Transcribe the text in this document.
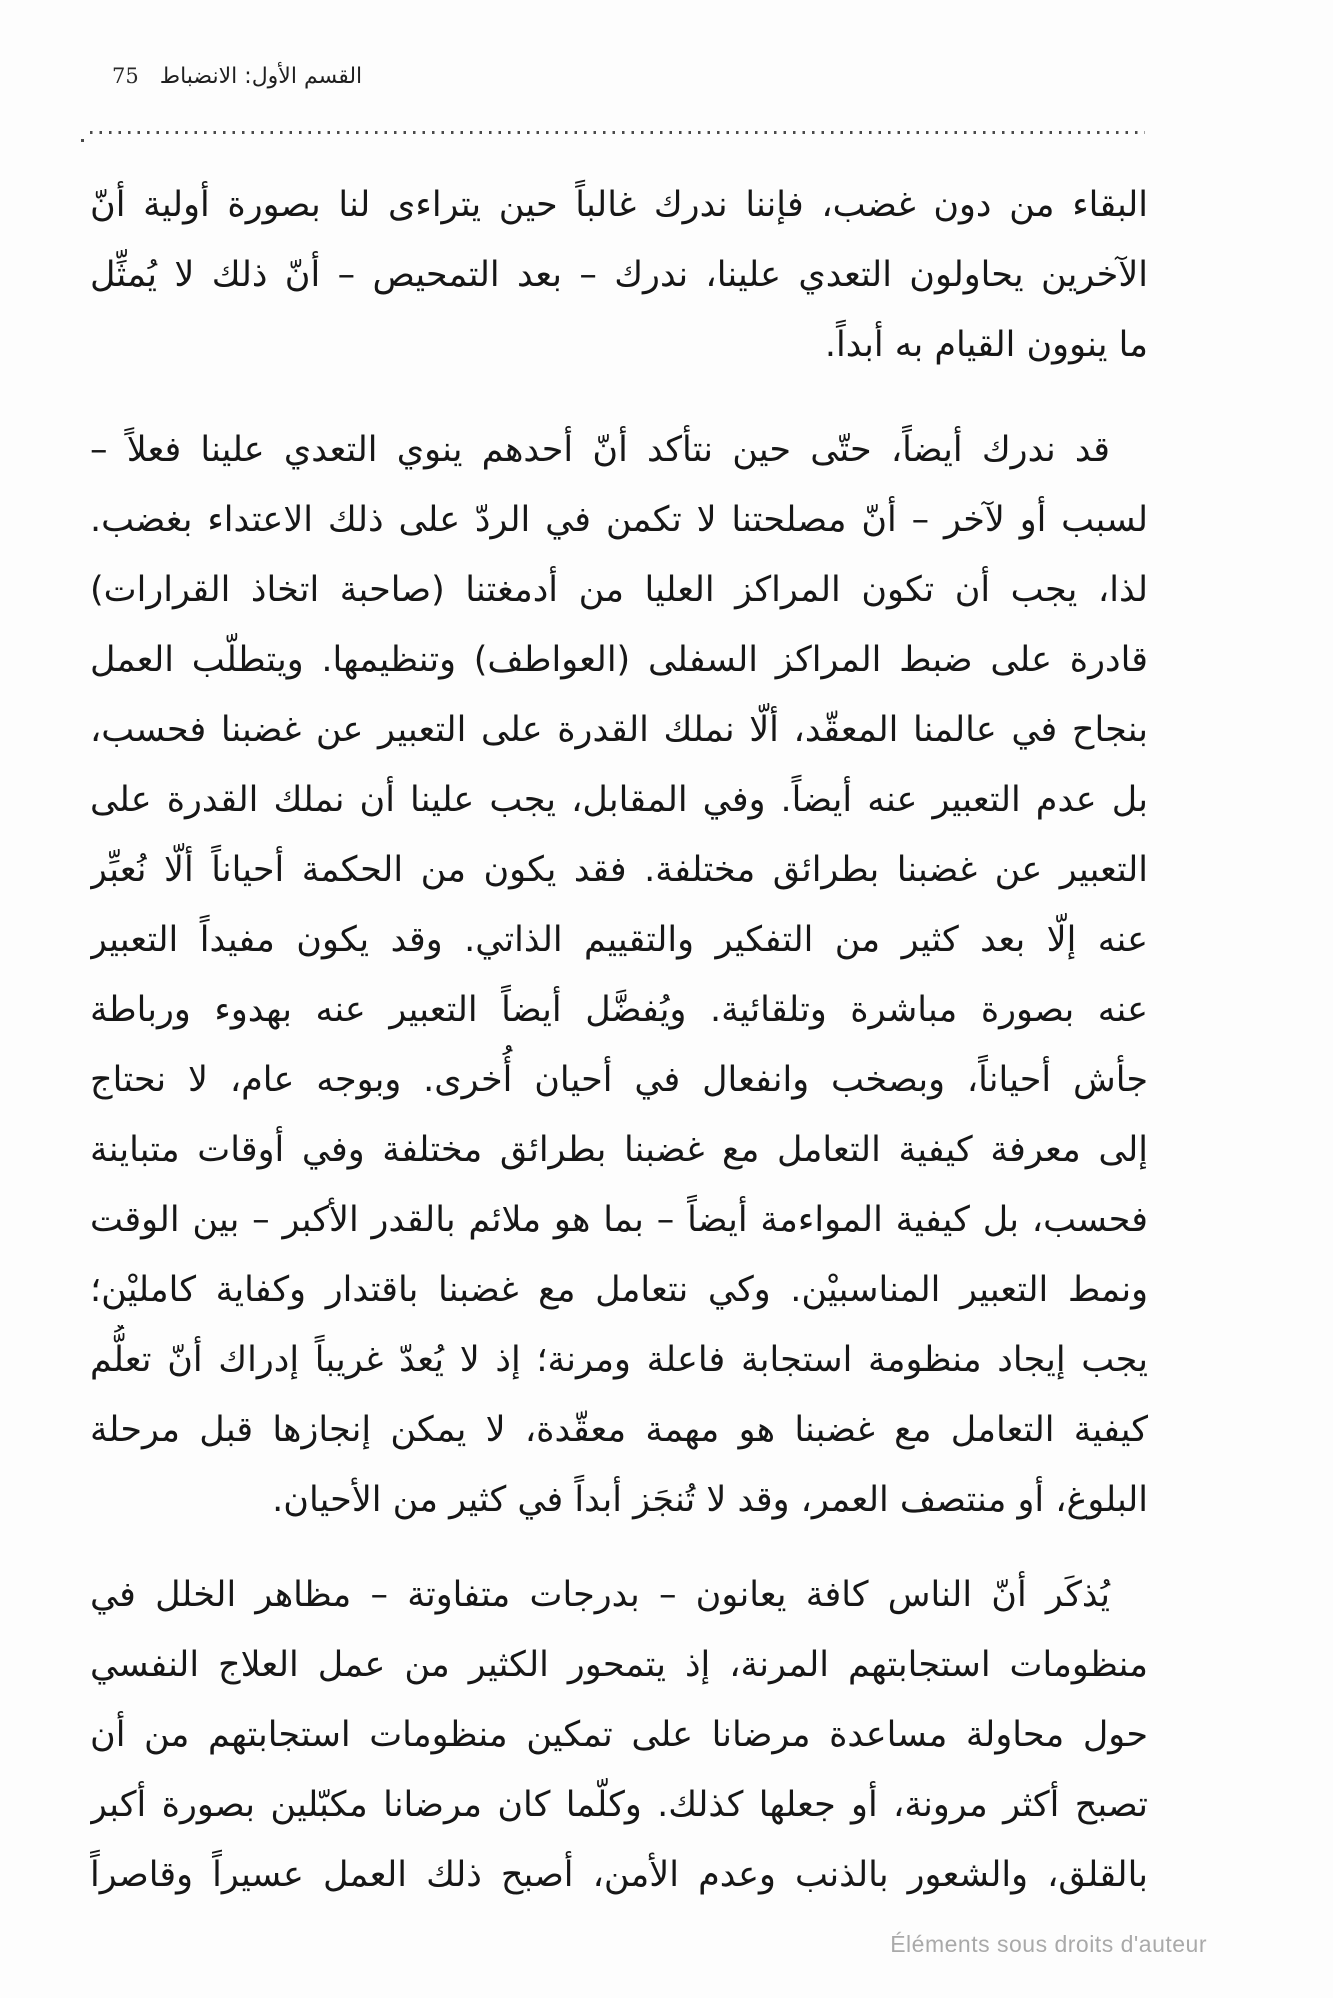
القسم الأول: الانضباط 75
البقاء من دون غضب، فإننا ندرك غالباً حين يتراءى لنا بصورة أولية أنّ
الآخرين يحاولون التعدي علينا، ندرك – بعد التمحيص – أنّ ذلك لا يُمثِّل
ما ينوون القيام به أبداً.
قد ندرك أيضاً، حتّى حين نتأكد أنّ أحدهم ينوي التعدي علينا فعلاً –
لسبب أو لآخر – أنّ مصلحتنا لا تكمن في الردّ على ذلك الاعتداء بغضب.
لذا، يجب أن تكون المراكز العليا من أدمغتنا (صاحبة اتخاذ القرارات)
قادرة على ضبط المراكز السفلى (العواطف) وتنظيمها. ويتطلّب العمل
بنجاح في عالمنا المعقّد، ألّا نملك القدرة على التعبير عن غضبنا فحسب،
بل عدم التعبير عنه أيضاً. وفي المقابل، يجب علينا أن نملك القدرة على
التعبير عن غضبنا بطرائق مختلفة. فقد يكون من الحكمة أحياناً ألّا نُعبِّر
عنه إلّا بعد كثير من التفكير والتقييم الذاتي. وقد يكون مفيداً التعبير
عنه بصورة مباشرة وتلقائية. ويُفضَّل أيضاً التعبير عنه بهدوء ورباطة
جأش أحياناً، وبصخب وانفعال في أحيان أُخرى. وبوجه عام، لا نحتاج
إلى معرفة كيفية التعامل مع غضبنا بطرائق مختلفة وفي أوقات متباينة
فحسب، بل كيفية المواءمة أيضاً – بما هو ملائم بالقدر الأكبر – بين الوقت
ونمط التعبير المناسبيْن. وكي نتعامل مع غضبنا باقتدار وكفاية كامليْن؛
يجب إيجاد منظومة استجابة فاعلة ومرنة؛ إذ لا يُعدّ غريباً إدراك أنّ تعلُّم
كيفية التعامل مع غضبنا هو مهمة معقّدة، لا يمكن إنجازها قبل مرحلة
البلوغ، أو منتصف العمر، وقد لا تُنجَز أبداً في كثير من الأحيان.
يُذكَر أنّ الناس كافة يعانون – بدرجات متفاوتة – مظاهر الخلل في
منظومات استجابتهم المرنة، إذ يتمحور الكثير من عمل العلاج النفسي
حول محاولة مساعدة مرضانا على تمكين منظومات استجابتهم من أن
تصبح أكثر مرونة، أو جعلها كذلك. وكلّما كان مرضانا مكبّلين بصورة أكبر
بالقلق، والشعور بالذنب وعدم الأمن، أصبح ذلك العمل عسيراً وقاصراً
Éléments sous droits d'auteur
